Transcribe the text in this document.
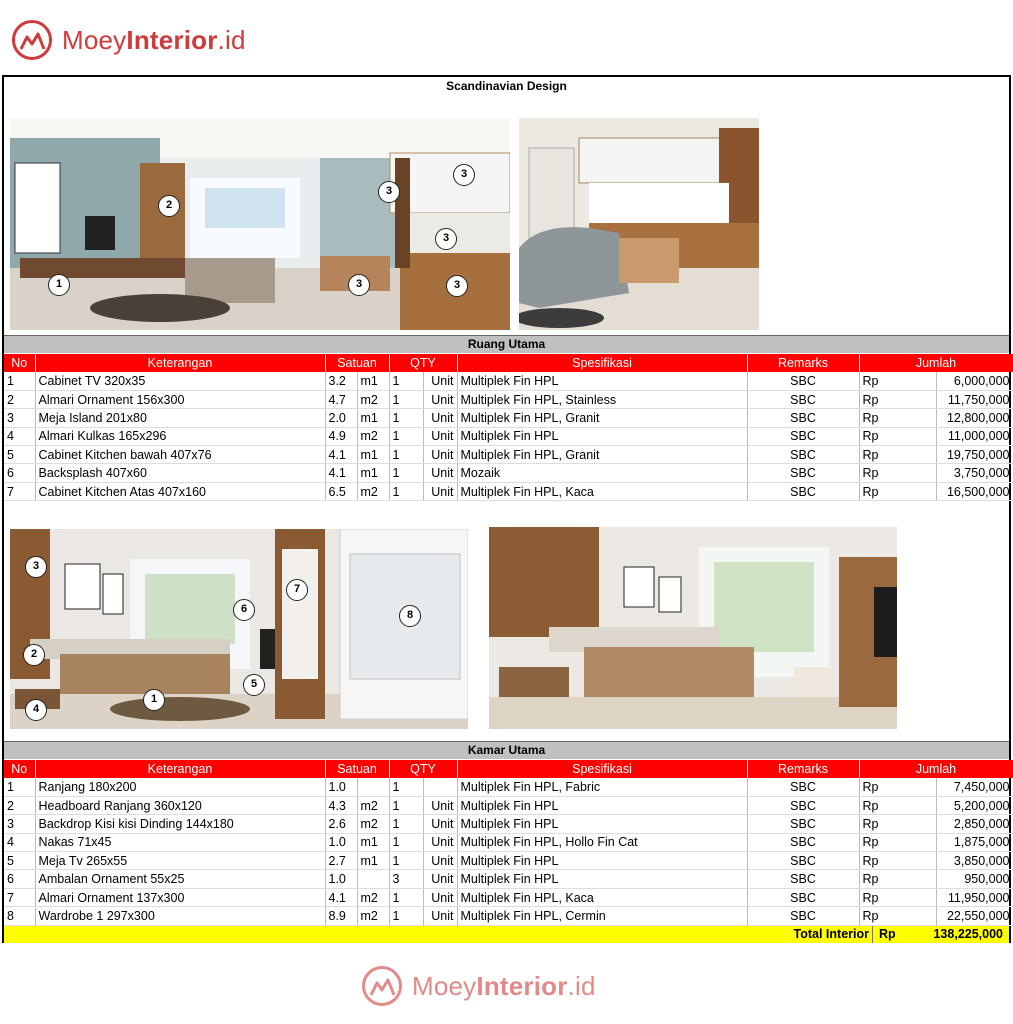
MoeyInterior.id
Scandinavian Design
1
2
3
3
3
3	3
Ruang Utama
No	Keterangan	Satuan		QTY		Spesifikasi	Remarks	Jumlah	
1	Cabinet TV 320x35	3.2	m1	1	Unit	Multiplek Fin HPL	SBC	Rp	6,000,000
2	Almari Ornament 156x300	4.7	m2	1	Unit	Multiplek Fin HPL, Stainless	SBC	Rp	11,750,000
3	Meja Island 201x80	2.0	m1	1	Unit	Multiplek Fin HPL, Granit	SBC	Rp	12,800,000
4	Almari Kulkas 165x296	4.9	m2	1	Unit	Multiplek Fin HPL	SBC	Rp	11,000,000
5	Cabinet Kitchen bawah 407x76	4.1	m1	1	Unit	Multiplek Fin HPL, Granit	SBC	Rp	19,750,000
6	Backsplash 407x60	4.1	m1	1	Unit	Mozaik	SBC	Rp	3,750,000
7	Cabinet Kitchen Atas 407x160	6.5	m2	1	Unit	Multiplek Fin HPL, Kaca	SBC	Rp	16,500,000
1
2
3
4
5
6
7
8
Kamar Utama
No	Keterangan	Satuan		QTY		Spesifikasi	Remarks	Jumlah	
1	Ranjang 180x200	1.0		1		Multiplek Fin HPL, Fabric	SBC	Rp	7,450,000
2	Headboard Ranjang 360x120	4.3	m2	1	Unit	Multiplek Fin HPL	SBC	Rp	5,200,000
3	Backdrop Kisi kisi Dinding 144x180	2.6	m2	1	Unit	Multiplek Fin HPL	SBC	Rp	2,850,000
4	Nakas 71x45	1.0	m1	1	Unit	Multiplek Fin HPL, Hollo Fin Cat	SBC	Rp	1,875,000
5	Meja Tv 265x55	2.7	m1	1	Unit	Multiplek Fin HPL	SBC	Rp	3,850,000
6	Ambalan Ornament 55x25	1.0		3	Unit	Multiplek Fin HPL	SBC	Rp	950,000
7	Almari Ornament 137x300	4.1	m2	1	Unit	Multiplek Fin HPL, Kaca	SBC	Rp	11,950,000
8	Wardrobe 1 297x300	8.9	m2	1	Unit	Multiplek Fin HPL, Cermin	SBC	Rp	22,550,000
Total Interior Rp	138,225,000
MoeyInterior.id
